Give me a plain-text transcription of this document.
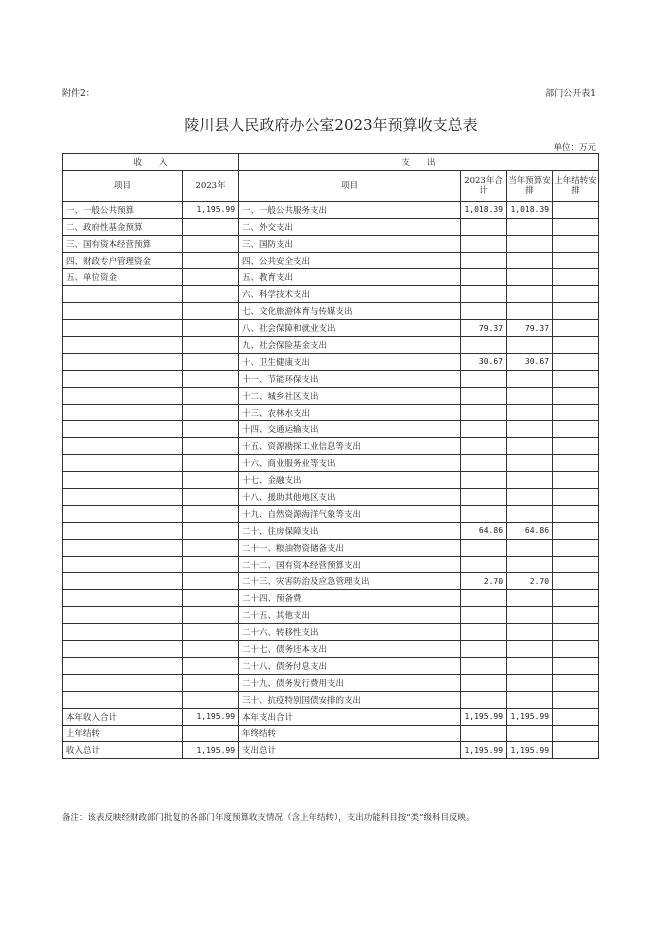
附件2：	部门公开表1
陵川县人民政府办公室2023年预算收支总表
单位：万元
收　　入		支　　出			
项目	2023年	项目	2023年合计	当年预算安排	上年结转安排
一、一般公共预算	1,195.99	一、一般公共服务支出	1,018.39	1,018.39	
二、政府性基金预算		二、外交支出			
三、国有资本经营预算		三、国防支出			
四、财政专户管理资金		四、公共安全支出			
五、单位资金		五、教育支出			
		六、科学技术支出			
		七、文化旅游体育与传媒支出			
		八、社会保障和就业支出	79.37	79.37	
		九、社会保险基金支出			
		十、卫生健康支出	30.67	30.67	
		十一、节能环保支出			
		十二、城乡社区支出			
		十三、农林水支出			
		十四、交通运输支出			
		十五、资源勘探工业信息等支出			
		十六、商业服务业等支出			
		十七、金融支出			
		十八、援助其他地区支出			
		十九、自然资源海洋气象等支出			
		二十、住房保障支出	64.86	64.86	
		二十一、粮油物资储备支出			
		二十二、国有资本经营预算支出			
		二十三、灾害防治及应急管理支出	2.70	2.70	
		二十四、预备费			
		二十五、其他支出			
		二十六、转移性支出			
		二十七、债务还本支出			
		二十八、债务付息支出			
		二十九、债务发行费用支出			
		三十、抗疫特别国债安排的支出			
本年收入合计	1,195.99	本年支出合计	1,195.99	1,195.99	
上年结转		年终结转			
收入总计	1,195.99	支出总计	1,195.99	1,195.99	
备注：该表反映经财政部门批复的各部门年度预算收支情况（含上年结转），支出功能科目按“类”级科目反映。
